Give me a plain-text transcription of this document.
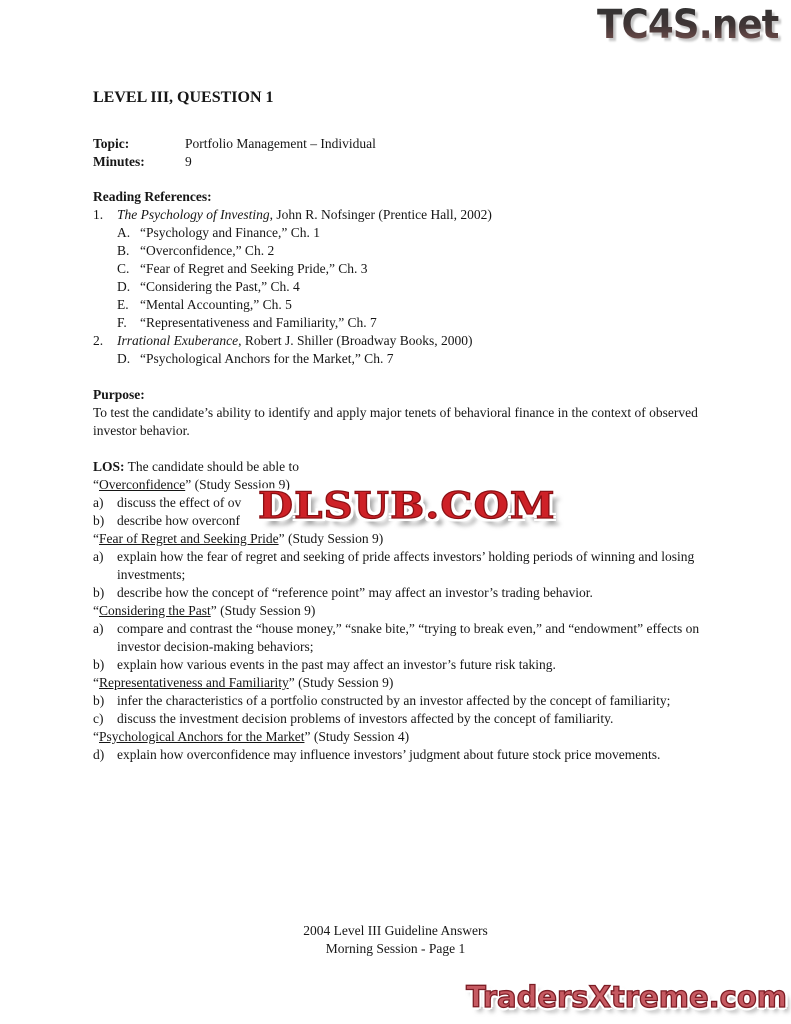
TC4S.net
LEVEL III, QUESTION 1
Topic:	Portfolio Management – Individual
Minutes:	9
Reading References:
1.	The Psychology of Investing, John R. Nofsinger (Prentice Hall, 2002)
A. “Psychology and Finance,” Ch. 1
B. “Overconfidence,” Ch. 2
C. “Fear of Regret and Seeking Pride,” Ch. 3
D. “Considering the Past,” Ch. 4
E. “Mental Accounting,” Ch. 5
F. “Representativeness and Familiarity,” Ch. 7
2.	Irrational Exuberance, Robert J. Shiller (Broadway Books, 2000)
D. “Psychological Anchors for the Market,” Ch. 7
Purpose:
To test the candidate’s ability to identify and apply major tenets of behavioral finance in the context of observed investor behavior.
LOS: The candidate should be able to
“Overconfidence” (Study Session 9)
a)	discuss the effect of ov
b) describe how overconf
“Fear of Regret and Seeking Pride” (Study Session 9)
a)	explain how the fear of regret and seeking of pride affects investors’ holding periods of winning and losing investments;
b) describe how the concept of “reference point” may affect an investor’s trading behavior.
“Considering the Past” (Study Session 9)
a)	compare and contrast the “house money,” “snake bite,” “trying to break even,” and “endowment” effects on investor decision-making behaviors;
b) explain how various events in the past may affect an investor’s future risk taking.
“Representativeness and Familiarity” (Study Session 9)
b) infer the characteristics of a portfolio constructed by an investor affected by the concept of familiarity;
c)	discuss the investment decision problems of investors affected by the concept of familiarity.
“Psychological Anchors for the Market” (Study Session 4)
d) explain how overconfidence may influence investors’ judgment about future stock price movements.
DLSUB.COM
2004 Level III Guideline Answers
Morning Session - Page 1
TradersXtreme.com
